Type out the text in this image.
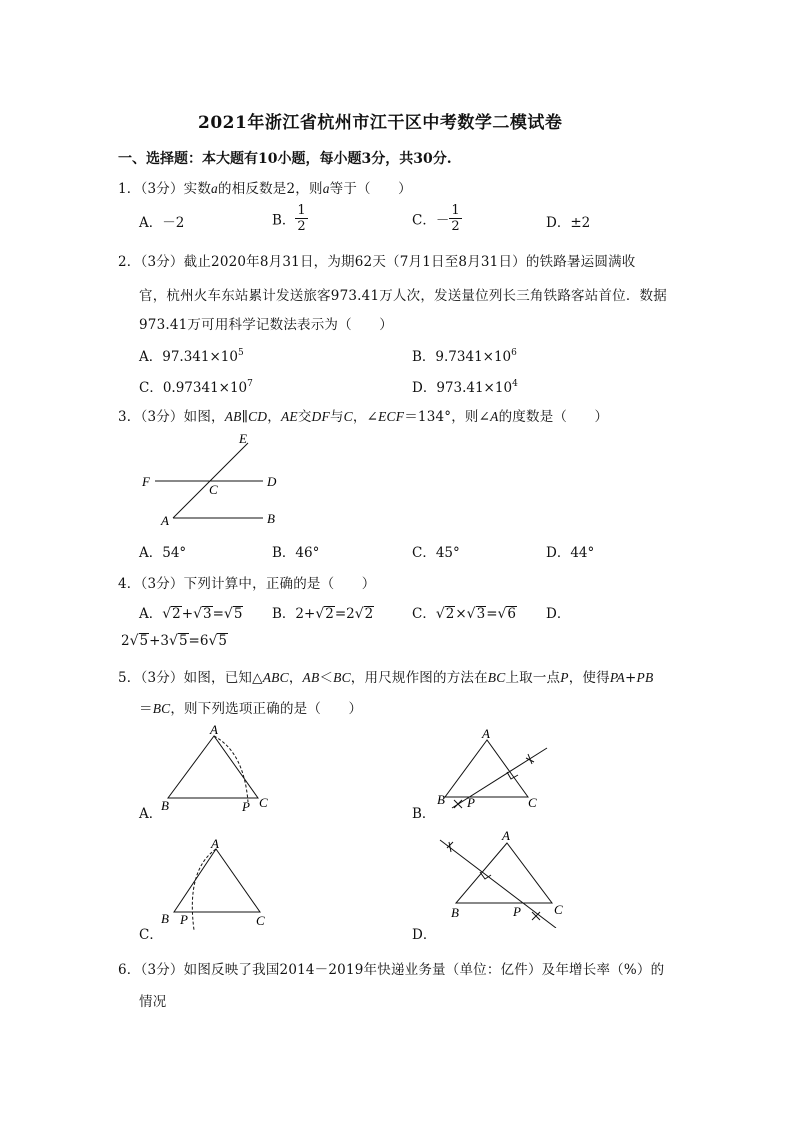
2021年浙江省杭州市江干区中考数学二模试卷
一、选择题：本大题有10小题，每小题3分，共30分.
1．（3分）实数a的相反数是2，则a等于（　　）
A．－2	B． $\frac{1}{2}$	C．－ $\frac{1}{2}$	D．±2
2．（3分）截止2020年8月31日，为期62天（7月1日至8月31日）的铁路暑运圆满收
官，杭州火车东站累计发送旅客973.41万人次，发送量位列长三角铁路客站首位．数据
973.41万可用科学记数法表示为（　　）
A．$97.341\times 10^5$	B．$9.7341\times 10^6$
C．$0.97341\times 10^7$	D．$973.41\times 10^4$
3．（3分）如图，AB∥CD，AE交DF与C，∠ECF＝134°，则∠A的度数是（　　）
E
F
C
D
A	B
A．54°	B．46°	C．45°	D．44°
4．（3分）下列计算中，正确的是（　　）
A．√2+√3=√5 B．2+√2=2√2	C．√2×√3=√6 D．
2√5+3√5=6√5
5．（3分）如图，已知△ABC，AB＜BC，用尺规作图的方法在BC上取一点P，使得PA+PB
＝BC，则下列选项正确的是（　　）
A
B	P C
A．
A
B P	C
B．
A
B P	C
C．
A
B	P	C
D．
6．（3分）如图反映了我国2014－2019年快递业务量（单位：亿件）及年增长率（%）的
情况
